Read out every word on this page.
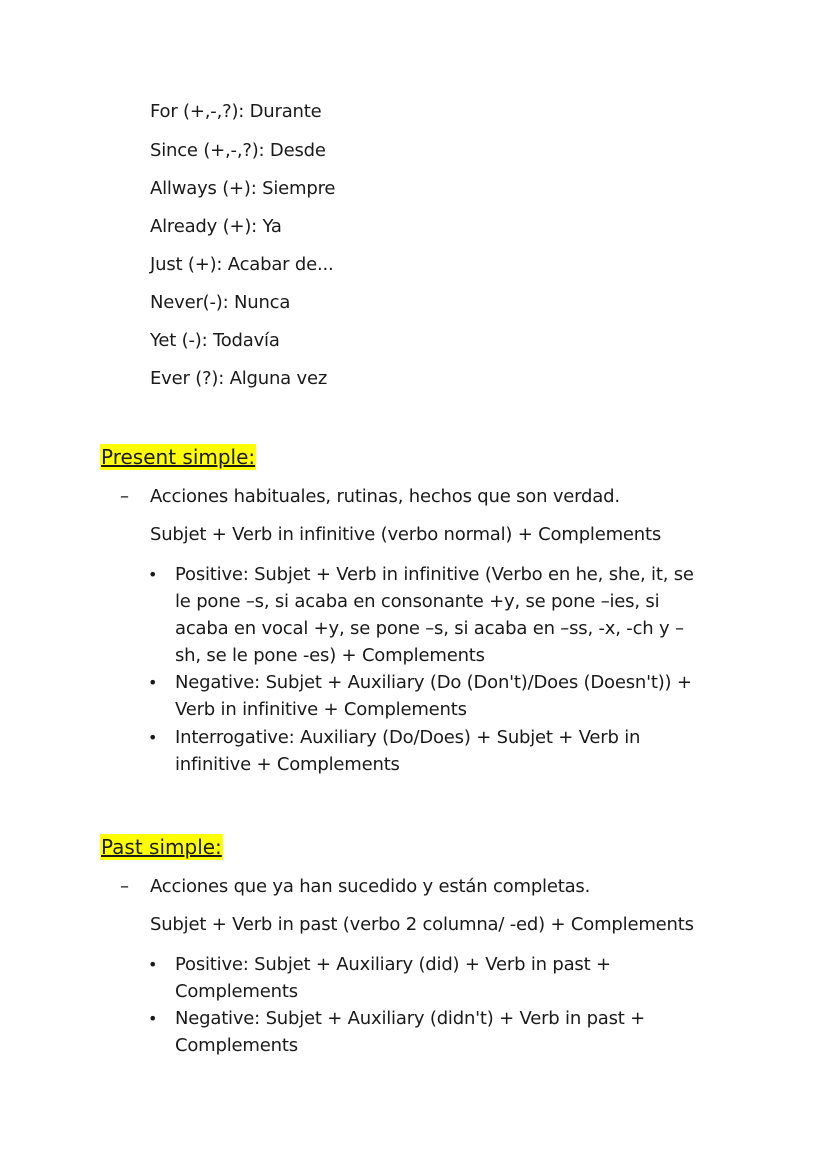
For (+,-,?): Durante
Since (+,-,?): Desde
Allways (+): Siempre
Already (+): Ya
Just (+): Acabar de...
Never(-): Nunca
Yet (-): Todavía
Ever (?): Alguna vez
Present simple:
– Acciones habituales, rutinas, hechos que son verdad.
Subjet + Verb in infinitive (verbo normal) + Complements
• Positive: Subjet + Verb in infinitive (Verbo en he, she, it, se
le pone –s, si acaba en consonante +y, se pone –ies, si
acaba en vocal +y, se pone –s, si acaba en –ss, -x, -ch y –
sh, se le pone -es) + Complements
• Negative: Subjet + Auxiliary (Do (Don't)/Does (Doesn't)) +
Verb in infinitive + Complements
• Interrogative: Auxiliary (Do/Does) + Subjet + Verb in
infinitive + Complements
Past simple:
– Acciones que ya han sucedido y están completas.
Subjet + Verb in past (verbo 2 columna/ -ed) + Complements
• Positive: Subjet + Auxiliary (did) + Verb in past +
Complements
• Negative: Subjet + Auxiliary (didn't) + Verb in past +
Complements
